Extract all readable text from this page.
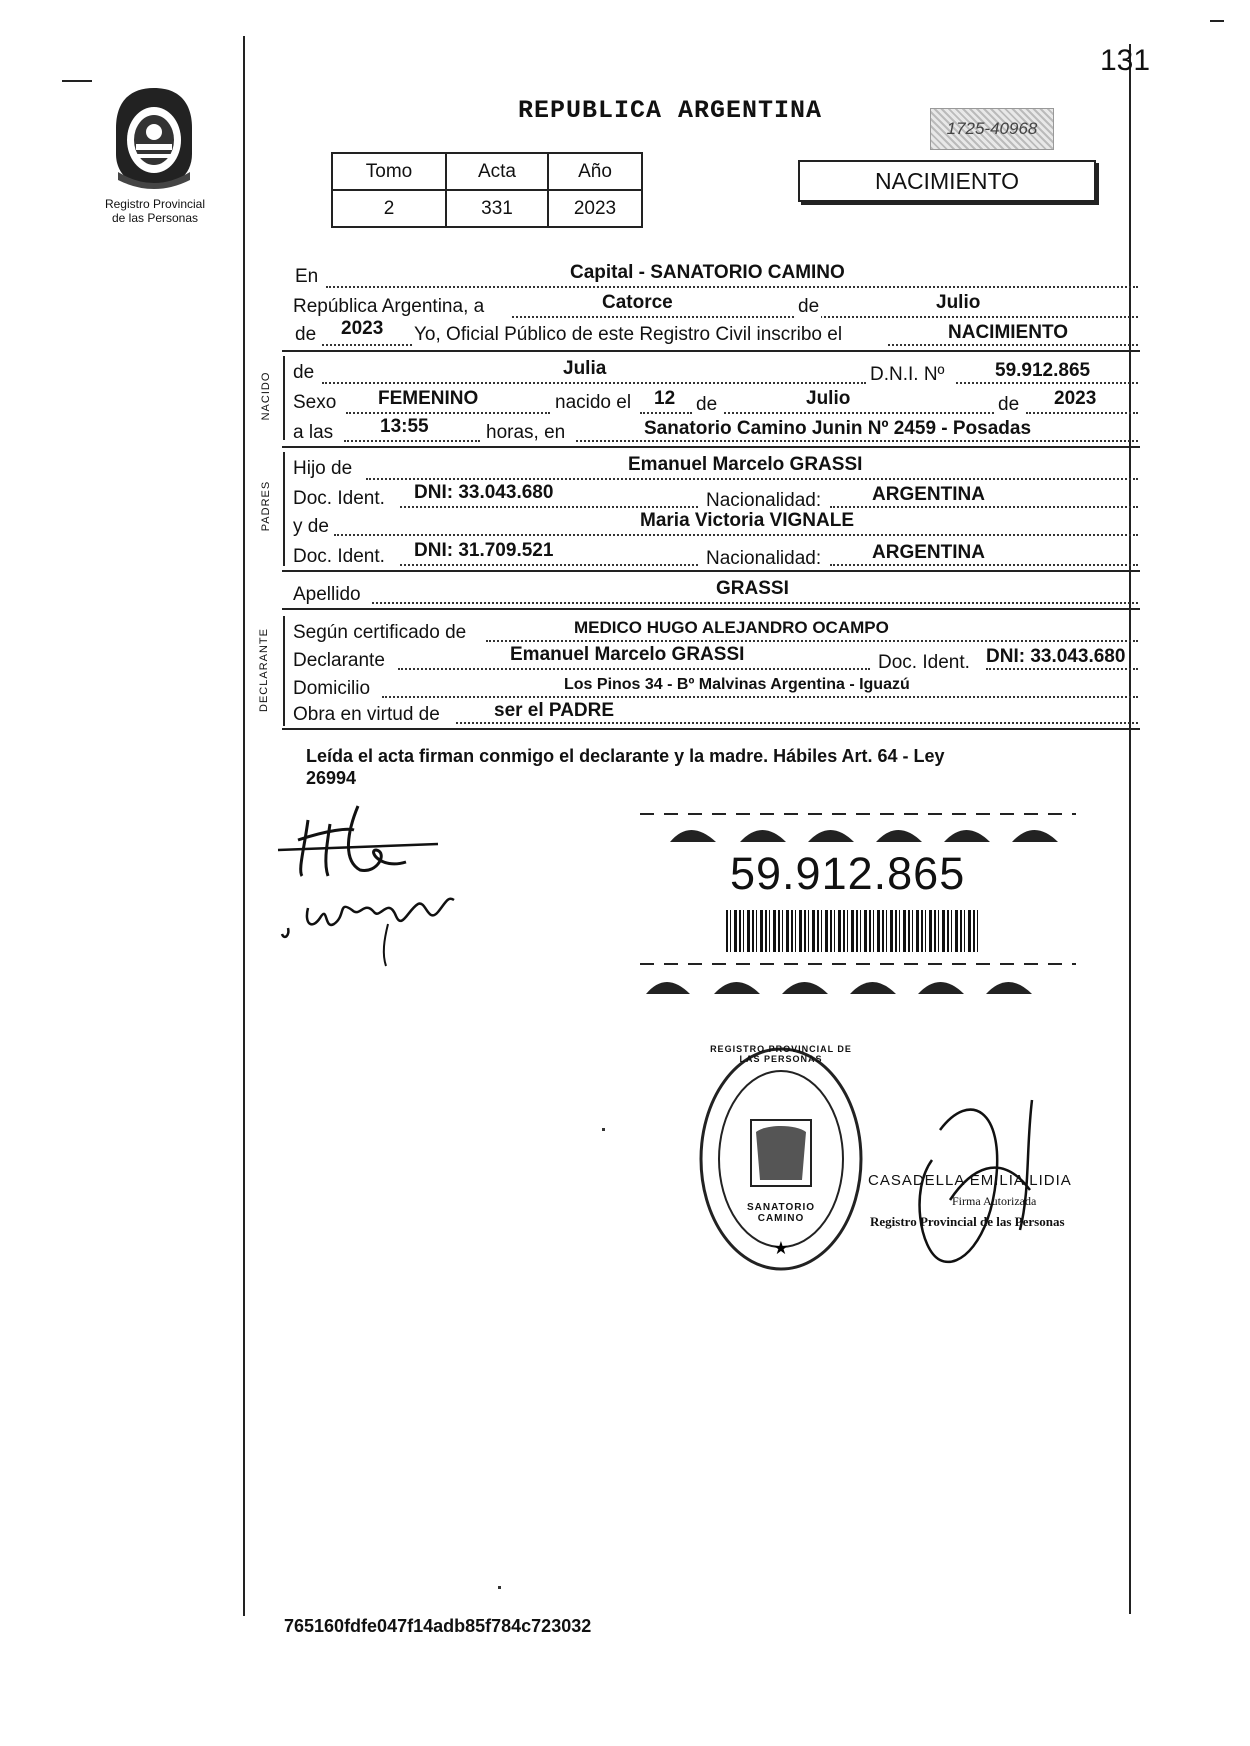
131
Registro Provincial
de las Personas
REPUBLICA ARGENTINA
1725-40968
NACIMIENTO
Tomo	Acta	Año
2	331	2023
En	Capital - SANATORIO CAMINO
República Argentina, a	Catorce	de	Julio
de 2023 Yo, Oficial Público de este Registro Civil inscribo el	NACIMIENTO
NACIDO de	Julia	D.N.I. Nº	59.912.865
Sexo FEMENINO	nacido el 12 de	Julio	de 2023
a las 13:55	horas, en	Sanatorio Camino Junin Nº 2459 - Posadas
PADRES
Hijo de	Emanuel Marcelo GRASSI
Doc. Ident. DNI: 33.043.680	Nacionalidad:	ARGENTINA
y de	Maria Victoria VIGNALE
Doc. Ident. DNI: 31.709.521	Nacionalidad:	ARGENTINA
Apellido	GRASSI
DECLARANTE Según certificado de	MEDICO HUGO ALEJANDRO OCAMPO
Declarante	Emanuel Marcelo GRASSI	Doc. Ident. DNI: 33.043.680
Domicilio	Los Pinos 34 - Bº Malvinas Argentina - Iguazú
Obra en virtud de	ser el PADRE
Leída el acta firman conmigo el declarante y la madre. Hábiles Art. 64 - Ley
26994
59.912.865
★
REGISTRO PROVINCIAL DE LAS PERSONAS
SANATORIO CAMINO
CASADELLA EMILIA LIDIA
Firma Autorizada
Registro Provincial de las Personas
765160fdfe047f14adb85f784c723032
